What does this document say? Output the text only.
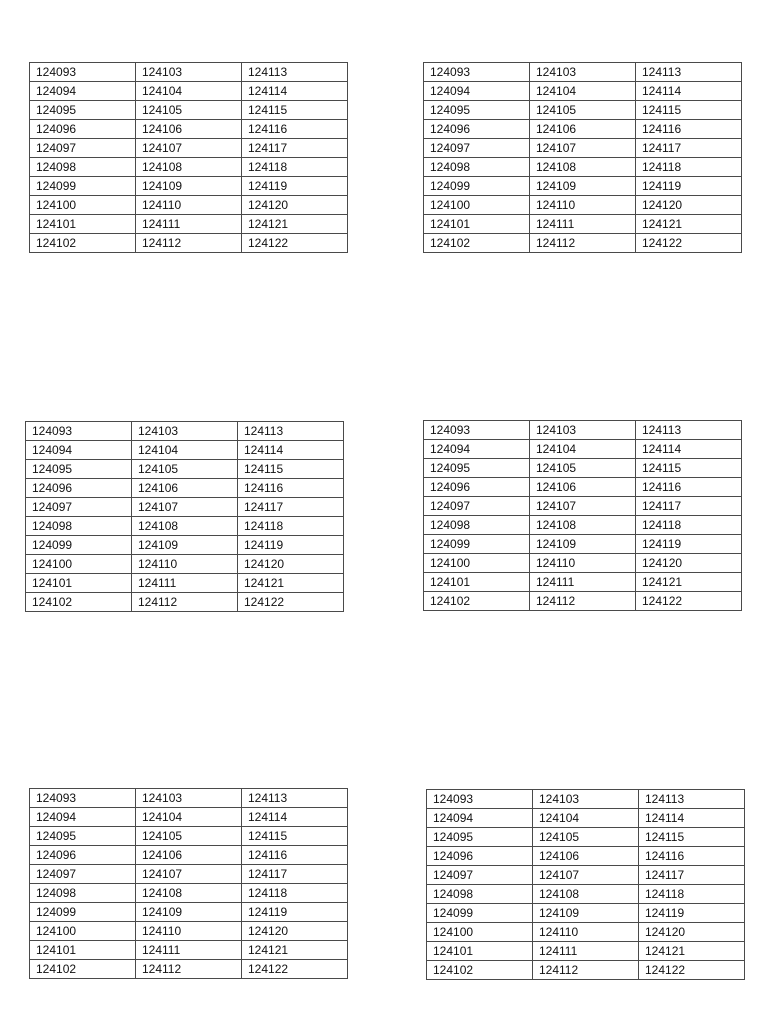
124093	124103	124113
124094	124104	124114
124095	124105	124115
124096	124106	124116
124097	124107	124117
124098	124108	124118
124099	124109	124119
124100	124110	124120
124101	124111	124121
124102	124112	124122
124093	124103	124113
124094	124104	124114
124095	124105	124115
124096	124106	124116
124097	124107	124117
124098	124108	124118
124099	124109	124119
124100	124110	124120
124101	124111	124121
124102	124112	124122
124093	124103	124113
124094	124104	124114
124095	124105	124115
124096	124106	124116
124097	124107	124117
124098	124108	124118
124099	124109	124119
124100	124110	124120
124101	124111	124121
124102	124112	124122
124093	124103	124113
124094	124104	124114
124095	124105	124115
124096	124106	124116
124097	124107	124117
124098	124108	124118
124099	124109	124119
124100	124110	124120
124101	124111	124121
124102	124112	124122
124093	124103	124113
124094	124104	124114
124095	124105	124115
124096	124106	124116
124097	124107	124117
124098	124108	124118
124099	124109	124119
124100	124110	124120
124101	124111	124121
124102	124112	124122
124093	124103	124113
124094	124104	124114
124095	124105	124115
124096	124106	124116
124097	124107	124117
124098	124108	124118
124099	124109	124119
124100	124110	124120
124101	124111	124121
124102	124112	124122
